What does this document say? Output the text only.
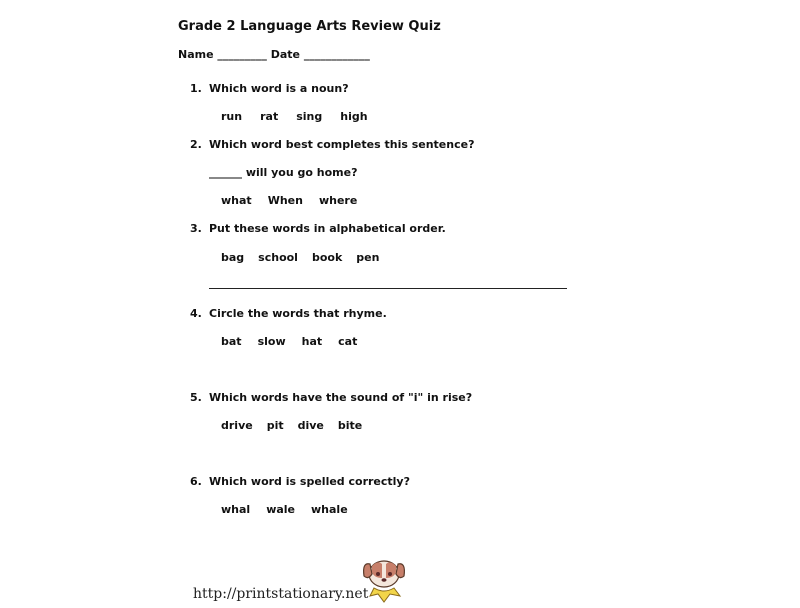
Grade 2 Language Arts Review Quiz
Name _________ Date ____________
1. Which word is a noun?
run rat sing high
2. Which word best completes this sentence?
______ will you go home?
what When where
3. Put these words in alphabetical order.
bag school book pen
4. Circle the words that rhyme.
bat slow hat cat
5. Which words have the sound of "i" in rise?
drive pit dive bite
6. Which word is spelled correctly?
whal wale whale
http://printstationary.net
